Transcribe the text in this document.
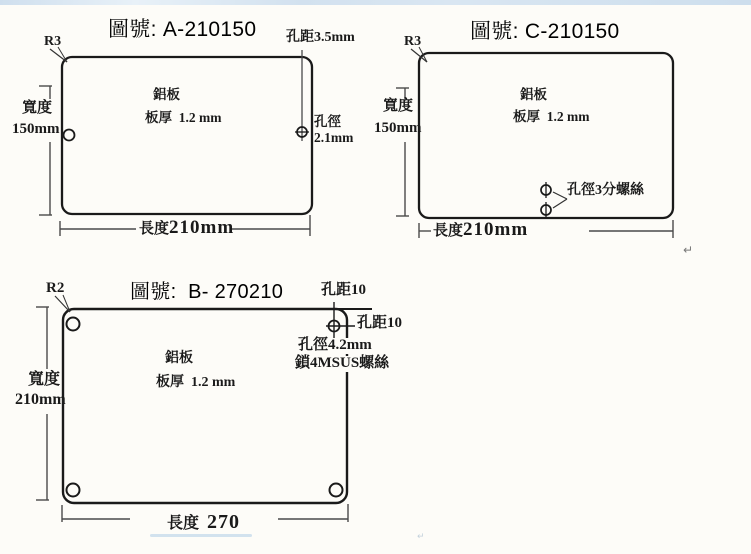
圖號: A-210150
R3	孔距3.5mm
寬度
150mm
鋁板
板厚  1.2 mm	孔徑
2.1mm
長度210mm
圖號: C-210150
R3
寬度
150mm
鋁板
板厚  1.2 mm
孔徑3分螺絲
長度210mm
圖號:  B- 270210
R2	孔距10
孔距10
孔徑4.2mm
鎖4MSUS螺絲
寬度
210mm
鋁板
板厚  1.2 mm
長度 270
↵
↵
